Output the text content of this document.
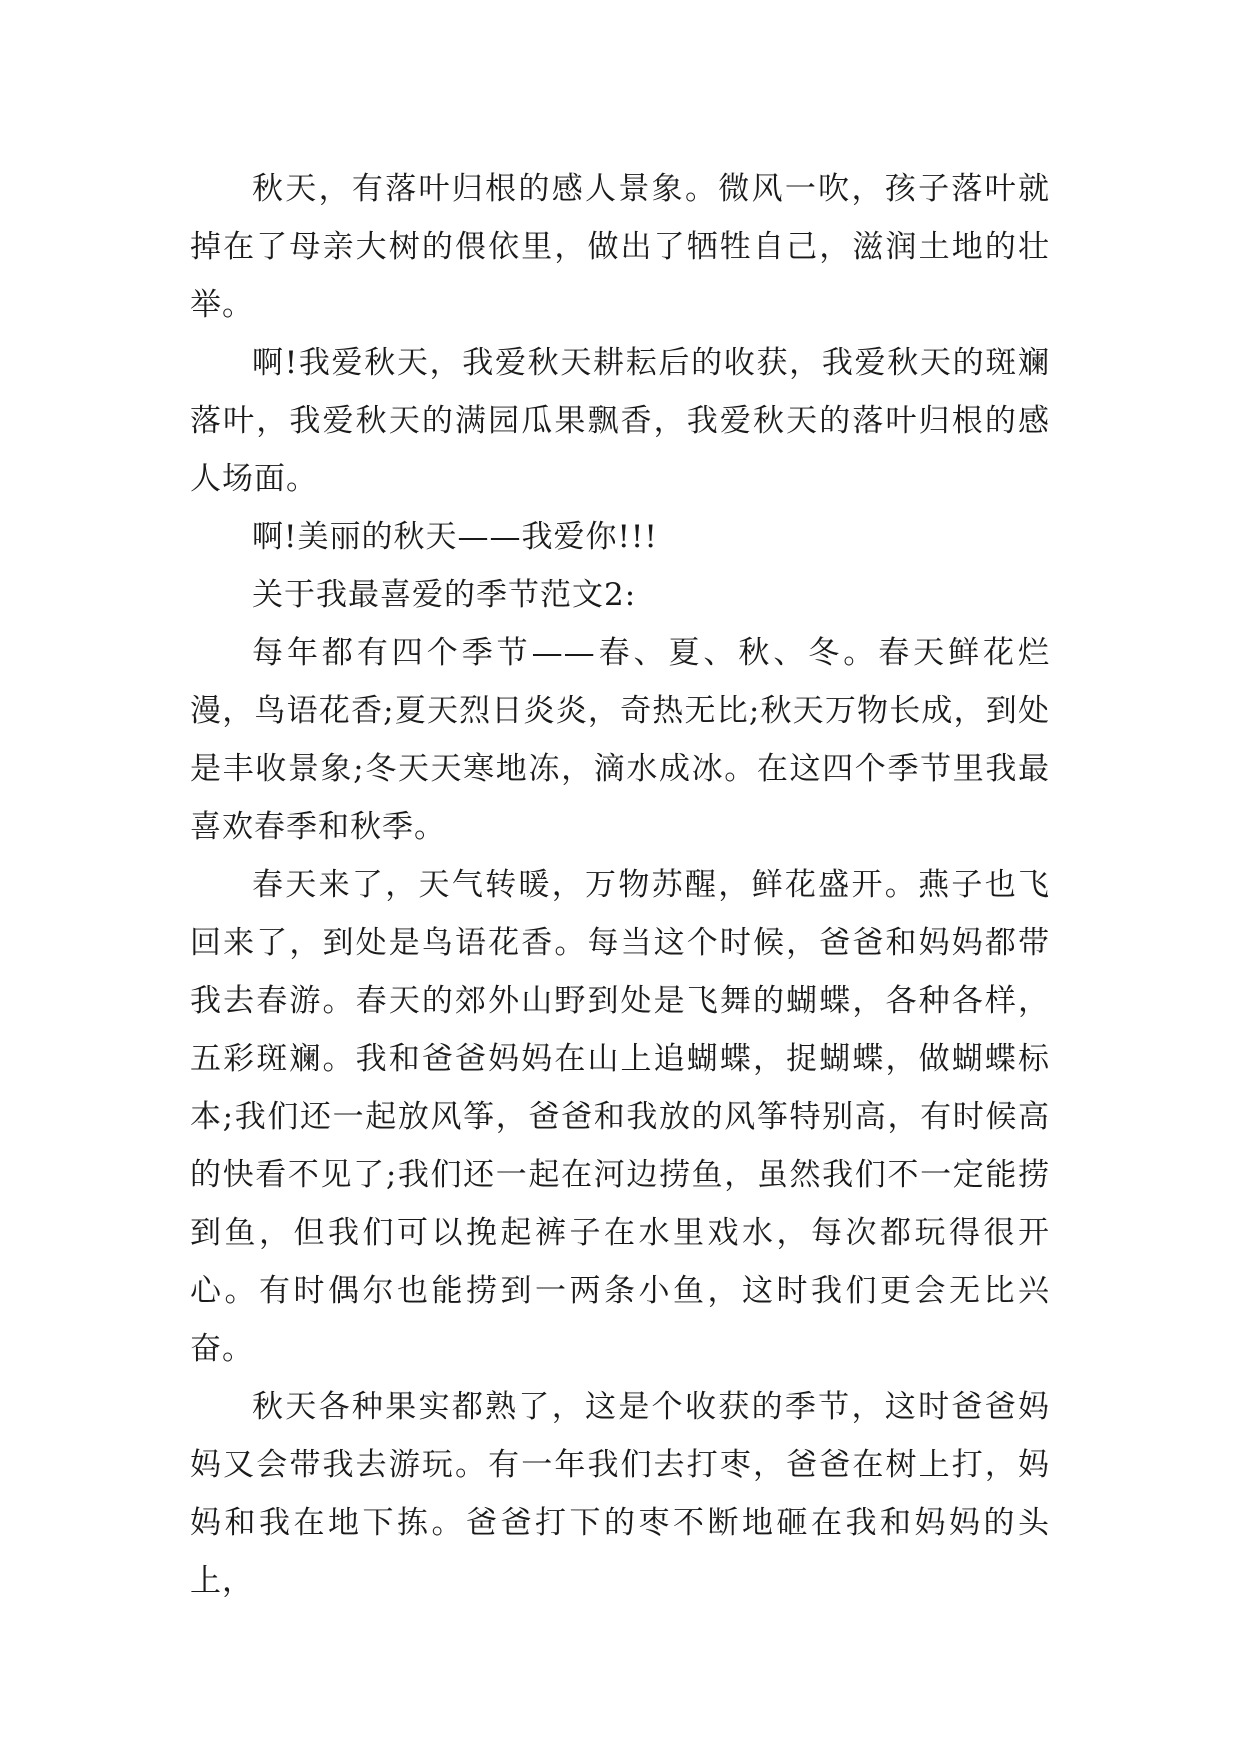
秋天，有落叶归根的感人景象。微风一吹，孩子落叶就掉在了母亲大树的偎依里，做出了牺牲自己，滋润土地的壮举。

啊!我爱秋天，我爱秋天耕耘后的收获，我爱秋天的斑斓落叶，我爱秋天的满园瓜果飘香，我爱秋天的落叶归根的感人场面。

啊!美丽的秋天——我爱你!!!

关于我最喜爱的季节范文2:

每年都有四个季节——春、夏、秋、冬。春天鲜花烂漫，鸟语花香;夏天烈日炎炎，奇热无比;秋天万物长成，到处是丰收景象;冬天天寒地冻，滴水成冰。在这四个季节里我最喜欢春季和秋季。

春天来了，天气转暖，万物苏醒，鲜花盛开。燕子也飞回来了，到处是鸟语花香。每当这个时候，爸爸和妈妈都带我去春游。春天的郊外山野到处是飞舞的蝴蝶，各种各样，五彩斑斓。我和爸爸妈妈在山上追蝴蝶，捉蝴蝶，做蝴蝶标本;我们还一起放风筝，爸爸和我放的风筝特别高，有时候高的快看不见了;我们还一起在河边捞鱼，虽然我们不一定能捞到鱼，但我们可以挽起裤子在水里戏水，每次都玩得很开心。有时偶尔也能捞到一两条小鱼，这时我们更会无比兴奋。

秋天各种果实都熟了，这是个收获的季节，这时爸爸妈妈又会带我去游玩。有一年我们去打枣，爸爸在树上打，妈妈和我在地下拣。爸爸打下的枣不断地砸在我和妈妈的头上，
